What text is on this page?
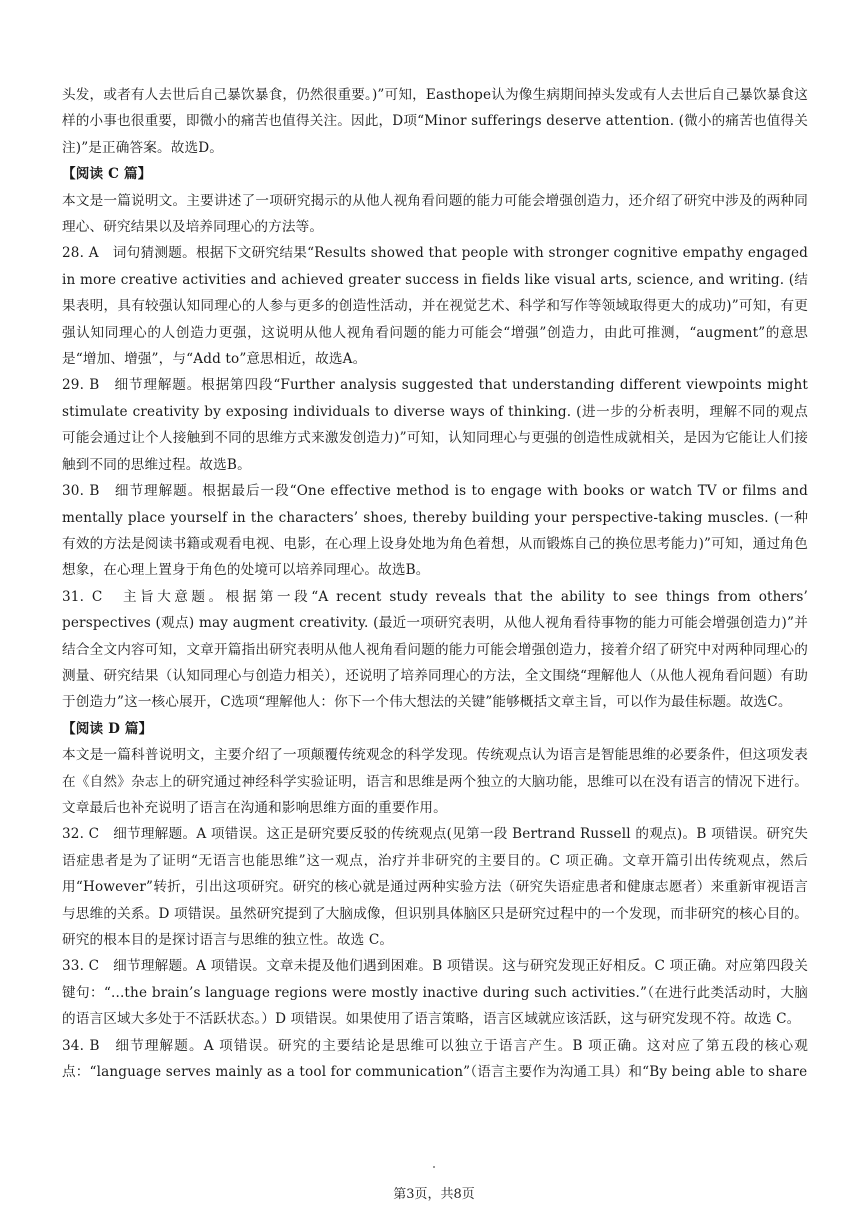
头发，或者有人去世后自己暴饮暴食，仍然很重要。)”可知，Easthope认为像生病期间掉头发或有人去世后自己暴饮暴食这样的小事也很重要，即微小的痛苦也值得关注。因此，D项“Minor sufferings deserve attention. (微小的痛苦也值得关注)”是正确答案。故选D。

【阅读 C 篇】

本文是一篇说明文。主要讲述了一项研究揭示的从他人视角看问题的能力可能会增强创造力，还介绍了研究中涉及的两种同理心、研究结果以及培养同理心的方法等。

28. A　词句猜测题。根据下文研究结果“Results showed that people with stronger cognitive empathy engaged in more creative activities and achieved greater success in fields like visual arts, science, and writing. (结果表明，具有较强认知同理心的人参与更多的创造性活动，并在视觉艺术、科学和写作等领域取得更大的成功)”可知，有更强认知同理心的人创造力更强，这说明从他人视角看问题的能力可能会“增强”创造力，由此可推测，“augment”的意思是“增加、增强”，与“Add to”意思相近，故选A。

29. B　细节理解题。根据第四段“Further analysis suggested that understanding different viewpoints might stimulate creativity by exposing individuals to diverse ways of thinking. (进一步的分析表明，理解不同的观点可能会通过让个人接触到不同的思维方式来激发创造力)”可知，认知同理心与更强的创造性成就相关，是因为它能让人们接触到不同的思维过程。故选B。

30. B　细节理解题。根据最后一段“One effective method is to engage with books or watch TV or films and mentally place yourself in the characters’ shoes, thereby building your perspective-taking muscles. (一种有效的方法是阅读书籍或观看电视、电影，在心理上设身处地为角色着想，从而锻炼自己的换位思考能力)”可知，通过角色想象，在心理上置身于角色的处境可以培养同理心。故选B。

31. C　主旨大意题。根据第一段“A recent study reveals that the ability to see things from others’ perspectives (观点) may augment creativity. (最近一项研究表明，从他人视角看待事物的能力可能会增强创造力)”并结合全文内容可知，文章开篇指出研究表明从他人视角看问题的能力可能会增强创造力，接着介绍了研究中对两种同理心的测量、研究结果（认知同理心与创造力相关），还说明了培养同理心的方法，全文围绕“理解他人（从他人视角看问题）有助于创造力”这一核心展开，C选项“理解他人：你下一个伟大想法的关键”能够概括文章主旨，可以作为最佳标题。故选C。

【阅读 D 篇】

本文是一篇科普说明文，主要介绍了一项颠覆传统观念的科学发现。传统观点认为语言是智能思维的必要条件，但这项发表在《自然》杂志上的研究通过神经科学实验证明，语言和思维是两个独立的大脑功能，思维可以在没有语言的情况下进行。文章最后也补充说明了语言在沟通和影响思维方面的重要作用。

32. C　细节理解题。A 项错误。这正是研究要反驳的传统观点(见第一段 Bertrand Russell 的观点)。B 项错误。研究失语症患者是为了证明“无语言也能思维”这一观点，治疗并非研究的主要目的。C 项正确。文章开篇引出传统观点，然后用“However”转折，引出这项研究。研究的核心就是通过两种实验方法（研究失语症患者和健康志愿者）来重新审视语言与思维的关系。D 项错误。虽然研究提到了大脑成像，但识别具体脑区只是研究过程中的一个发现，而非研究的核心目的。研究的根本目的是探讨语言与思维的独立性。故选 C。

33. C　细节理解题。A 项错误。文章未提及他们遇到困难。B 项错误。这与研究发现正好相反。C 项正确。对应第四段关键句：“...the brain’s language regions were mostly inactive during such activities.”（在进行此类活动时，大脑的语言区域大多处于不活跃状态。）D 项错误。如果使用了语言策略，语言区域就应该活跃，这与研究发现不符。故选 C。

34. B　细节理解题。A 项错误。研究的主要结论是思维可以独立于语言产生。B 项正确。这对应了第五段的核心观点：“language serves mainly as a tool for communication”（语言主要作为沟通工具）和“By being able to share

第3页，共8页
